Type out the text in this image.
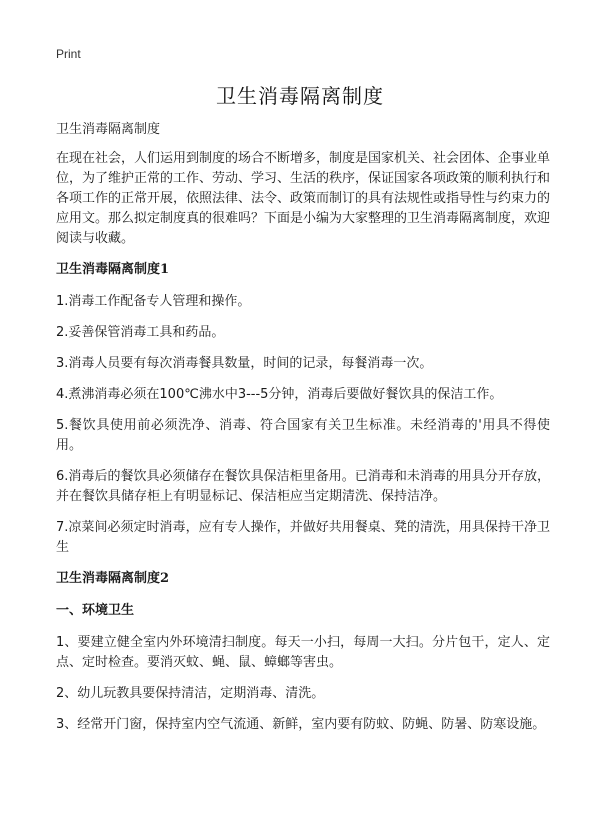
Print
卫生消毒隔离制度

卫生消毒隔离制度

在现在社会，人们运用到制度的场合不断增多，制度是国家机关、社会团体、企事业单位，为了维护正常的工作、劳动、学习、生活的秩序，保证国家各项政策的顺利执行和各项工作的正常开展，依照法律、法令、政策而制订的具有法规性或指导性与约束力的应用文。那么拟定制度真的很难吗？下面是小编为大家整理的卫生消毒隔离制度，欢迎阅读与收藏。

卫生消毒隔离制度1

1.消毒工作配备专人管理和操作。

2.妥善保管消毒工具和药品。

3.消毒人员要有每次消毒餐具数量，时间的记录，每餐消毒一次。

4.煮沸消毒必须在100℃沸水中3---5分钟，消毒后要做好餐饮具的保洁工作。

5.餐饮具使用前必须洗净、消毒、符合国家有关卫生标准。未经消毒的'用具不得使用。

6.消毒后的餐饮具必须储存在餐饮具保洁柜里备用。已消毒和未消毒的用具分开存放，并在餐饮具储存柜上有明显标记、保洁柜应当定期清洗、保持洁净。

7.凉菜间必须定时消毒，应有专人操作，并做好共用餐桌、凳的清洗，用具保持干净卫生

卫生消毒隔离制度2

一、环境卫生

1、要建立健全室内外环境清扫制度。每天一小扫，每周一大扫。分片包干，定人、定点、定时检查。要消灭蚊、蝇、鼠、蟑螂等害虫。

2、幼儿玩教具要保持清洁，定期消毒、清洗。

3、经常开门窗，保持室内空气流通、新鲜，室内要有防蚊、防蝇、防暑、防寒设施。
